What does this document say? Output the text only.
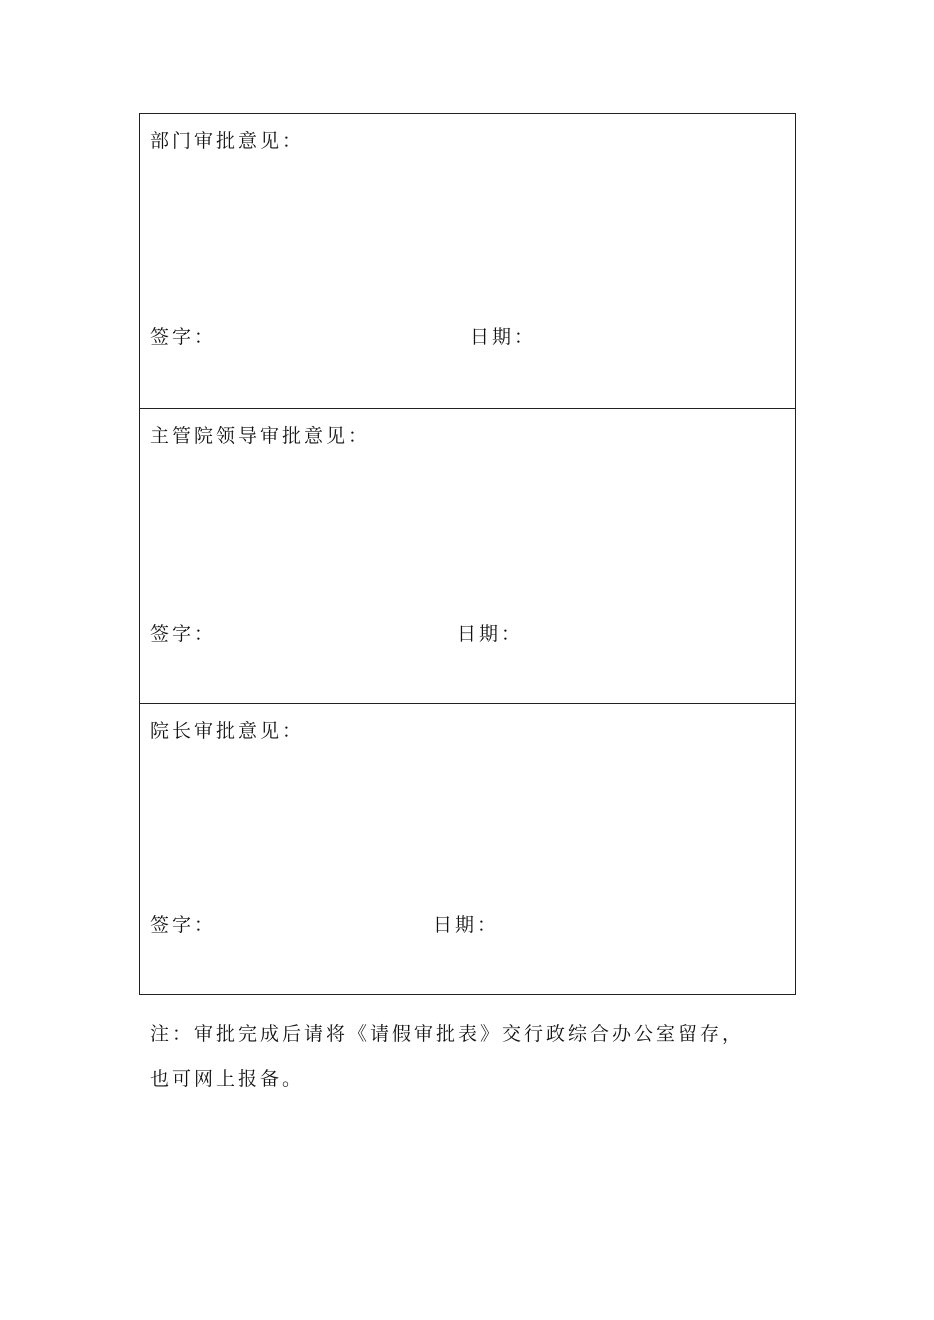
部门审批意见：
签字：	日期：
主管院领导审批意见：
签字：	日期：
院长审批意见：
签字：	日期：
注：审批完成后请将《请假审批表》交行政综合办公室留存，
也可网上报备。
